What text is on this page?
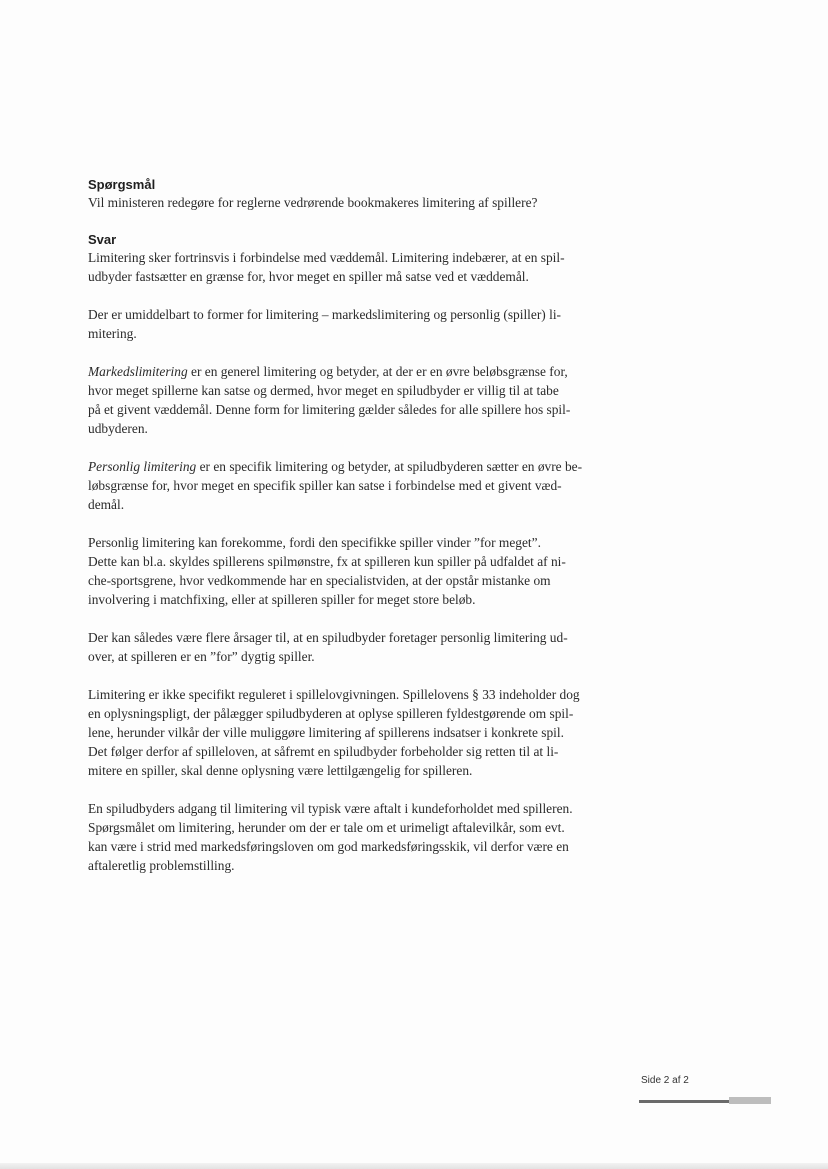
Spørgsmål

Vil ministeren redegøre for reglerne vedrørende bookmakeres limitering af spillere?

Svar

Limitering sker fortrinsvis i forbindelse med væddemål. Limitering indebærer, at en spil-
udbyder fastsætter en grænse for, hvor meget en spiller må satse ved et væddemål.

Der er umiddelbart to former for limitering – markedslimitering og personlig (spiller) li-
mitering.

Markedslimitering er en generel limitering og betyder, at der er en øvre beløbsgrænse for,
hvor meget spillerne kan satse og dermed, hvor meget en spiludbyder er villig til at tabe
på et givent væddemål. Denne form for limitering gælder således for alle spillere hos spil-
udbyderen.

Personlig limitering er en specifik limitering og betyder, at spiludbyderen sætter en øvre be-
løbsgrænse for, hvor meget en specifik spiller kan satse i forbindelse med et givent væd-
demål.

Personlig limitering kan forekomme, fordi den specifikke spiller vinder ”for meget”.
Dette kan bl.a. skyldes spillerens spilmønstre, fx at spilleren kun spiller på udfaldet af ni-
che-sportsgrene, hvor vedkommende har en specialistviden, at der opstår mistanke om
involvering i matchfixing, eller at spilleren spiller for meget store beløb.

Der kan således være flere årsager til, at en spiludbyder foretager personlig limitering ud-
over, at spilleren er en ”for” dygtig spiller.

Limitering er ikke specifikt reguleret i spillelovgivningen. Spillelovens § 33 indeholder dog
en oplysningspligt, der pålægger spiludbyderen at oplyse spilleren fyldestgørende om spil-
lene, herunder vilkår der ville muliggøre limitering af spillerens indsatser i konkrete spil.
Det følger derfor af spilleloven, at såfremt en spiludbyder forbeholder sig retten til at li-
mitere en spiller, skal denne oplysning være lettilgængelig for spilleren.

En spiludbyders adgang til limitering vil typisk være aftalt i kundeforholdet med spilleren.
Spørgsmålet om limitering, herunder om der er tale om et urimeligt aftalevilkår, som evt.
kan være i strid med markedsføringsloven om god markedsføringsskik, vil derfor være en
aftaleretlig problemstilling.

Side 2 af 2
